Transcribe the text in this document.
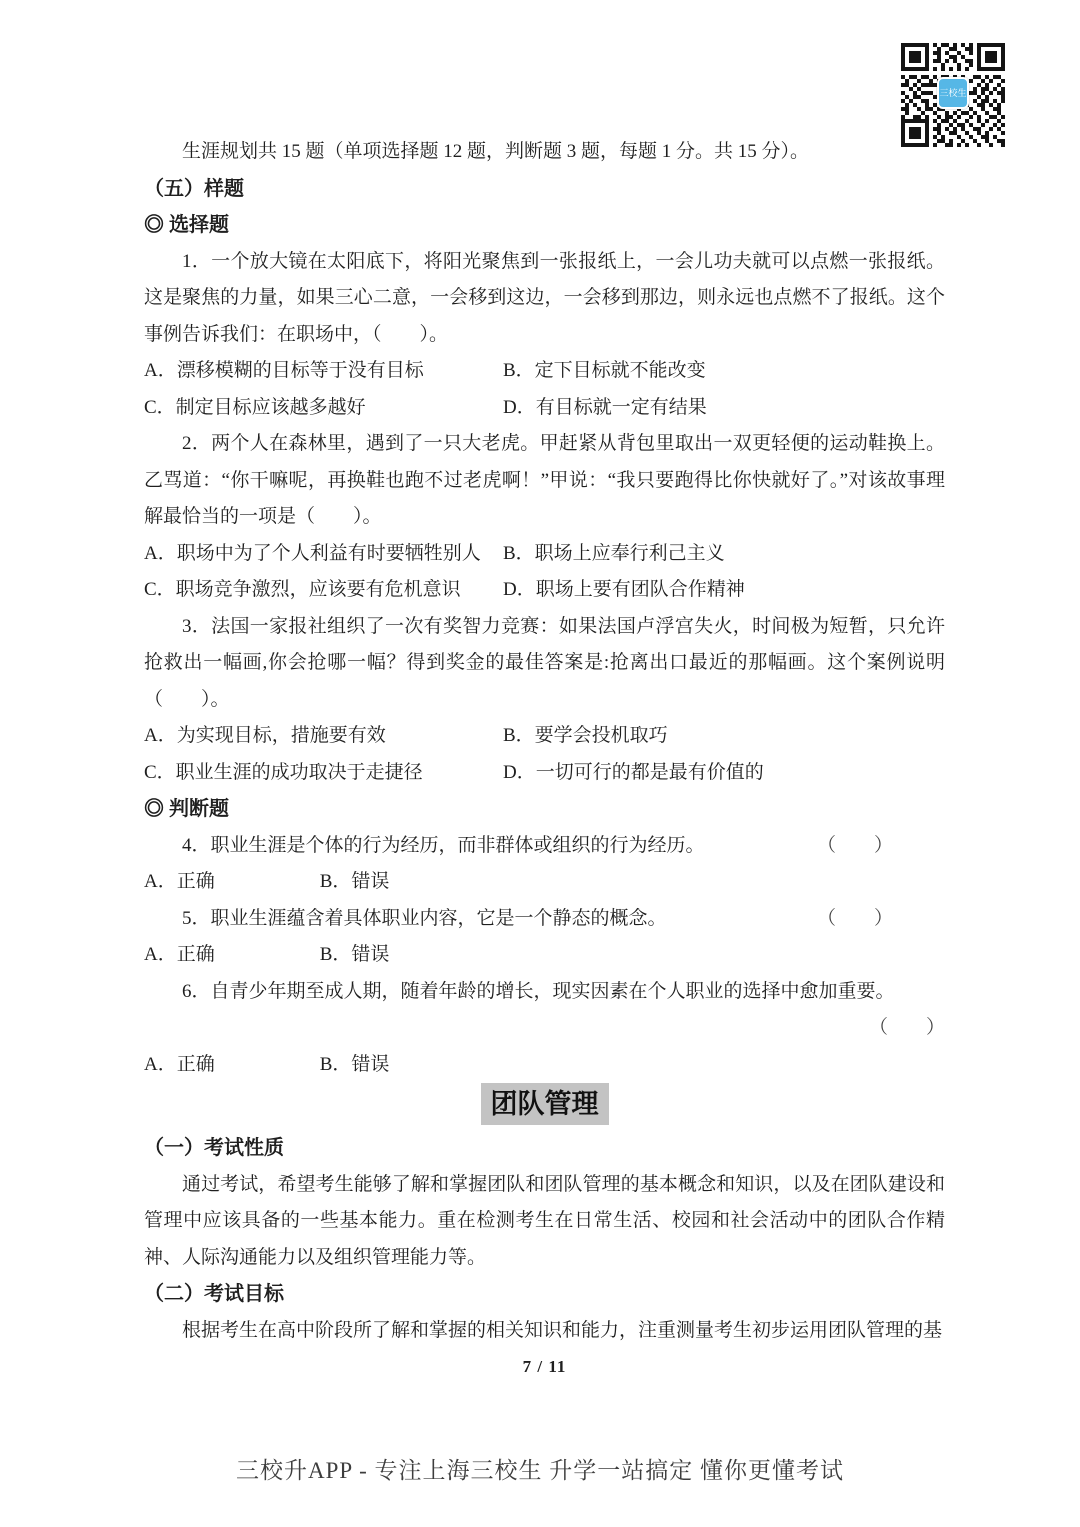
三校生

生涯规划共 15 题（单项选择题 12 题，判断题 3 题，每题 1 分。共 15 分）。

（五）样题
◎ 选择题

1．一个放大镜在太阳底下，将阳光聚焦到一张报纸上，一会儿功夫就可以点燃一张报纸。这是聚焦的力量，如果三心二意，一会移到这边，一会移到那边，则永远也点燃不了报纸。这个事例告诉我们：在职场中，（　　）。

A．漂移模糊的目标等于没有目标	B．定下目标就不能改变
C．制定目标应该越多越好	D．有目标就一定有结果

2．两个人在森林里，遇到了一只大老虎。甲赶紧从背包里取出一双更轻便的运动鞋换上。乙骂道：“你干嘛呢，再换鞋也跑不过老虎啊！”甲说：“我只要跑得比你快就好了。”对该故事理解最恰当的一项是（　　）。

A．职场中为了个人利益有时要牺牲别人	B．职场上应奉行利己主义
C．职场竞争激烈，应该要有危机意识	D．职场上要有团队合作精神

3．法国一家报社组织了一次有奖智力竞赛：如果法国卢浮宫失火，时间极为短暂，只允许抢救出一幅画,你会抢哪一幅？得到奖金的最佳答案是:抢离出口最近的那幅画。这个案例说明（　　）。

A．为实现目标，措施要有效	B．要学会投机取巧
C．职业生涯的成功取决于走捷径	D．一切可行的都是最有价值的
◎ 判断题
4．职业生涯是个体的行为经历，而非群体或组织的行为经历。	（　　）
A．正确	B．错误
5．职业生涯蕴含着具体职业内容，它是一个静态的概念。	（　　）
A．正确	B．错误

6．自青少年期至成人期，随着年龄的增长，现实因素在个人职业的选择中愈加重要。

（　　）
A．正确	B．错误
团队管理
（一）考试性质

通过考试，希望考生能够了解和掌握团队和团队管理的基本概念和知识，以及在团队建设和管理中应该具备的一些基本能力。重在检测考生在日常生活、校园和社会活动中的团队合作精神、人际沟通能力以及组织管理能力等。

（二）考试目标

根据考生在高中阶段所了解和掌握的相关知识和能力，注重测量考生初步运用团队管理的基

7 / 11
三校升APP - 专注上海三校生 升学一站搞定 懂你更懂考试
